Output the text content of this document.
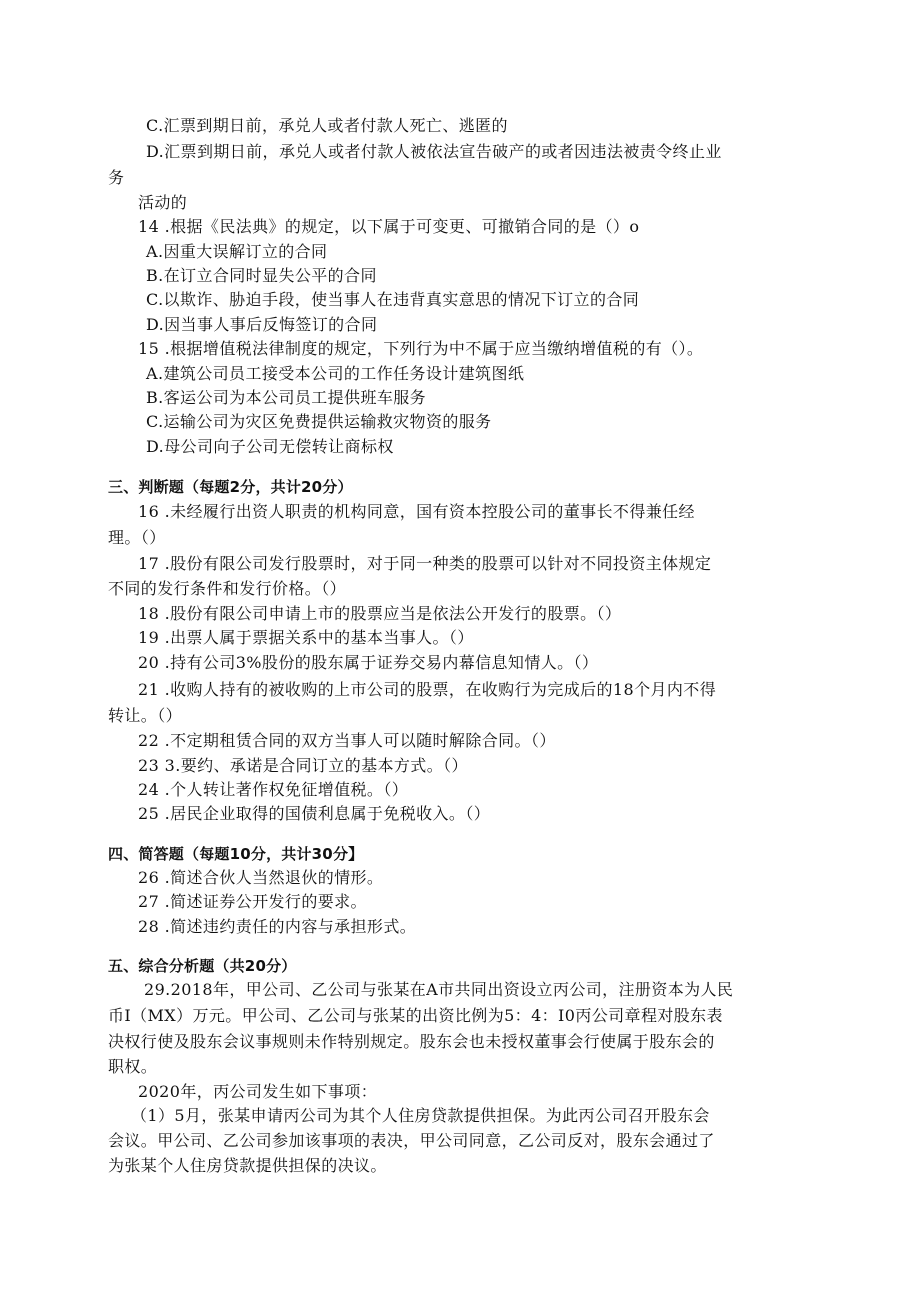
C.汇票到期日前，承兑人或者付款人死亡、逃匿的
D.汇票到期日前，承兑人或者付款人被依法宣告破产的或者因违法被责令终止业
务
活动的
14 .根据《民法典》的规定，以下属于可变更、可撤销合同的是（）o
A.因重大误解订立的合同
B.在订立合同时显失公平的合同
C.以欺诈、胁迫手段，使当事人在违背真实意思的情况下订立的合同
D.因当事人事后反悔签订的合同
15 .根据增值税法律制度的规定，下列行为中不属于应当缴纳增值税的有（）。
A.建筑公司员工接受本公司的工作任务设计建筑图纸
B.客运公司为本公司员工提供班车服务
C.运输公司为灾区免费提供运输救灾物资的服务
D.母公司向子公司无偿转让商标权
三、判断题（每题2分，共计20分）
16 .未经履行出资人职责的机构同意，国有资本控股公司的董事长不得兼任经
理。（）
17 .股份有限公司发行股票时，对于同一种类的股票可以针对不同投资主体规定
不同的发行条件和发行价格。（）
18 .股份有限公司申请上市的股票应当是依法公开发行的股票。（）
19 .出票人属于票据关系中的基本当事人。（）
20 .持有公司3%股份的股东属于证券交易内幕信息知情人。（）
21 .收购人持有的被收购的上市公司的股票，在收购行为完成后的18个月内不得
转让。（）
22 .不定期租赁合同的双方当事人可以随时解除合同。（）
23 3.要约、承诺是合同订立的基本方式。（）
24 .个人转让著作权免征增值税。（）
25 .居民企业取得的国债利息属于免税收入。（）
四、简答题（每题10分，共计30分】
26 .简述合伙人当然退伙的情形。
27 .简述证券公开发行的要求。
28 .简述违约责任的内容与承担形式。
五、综合分析题（共20分）
29.2018年，甲公司、乙公司与张某在A市共同出资设立丙公司，注册资本为人民
币I（MX）万元。甲公司、乙公司与张某的出资比例为5：4：I0丙公司章程对股东表
决权行使及股东会议事规则未作特别规定。股东会也未授权董事会行使属于股东会的
职权。
2020年，丙公司发生如下事项：
（1）5月，张某申请丙公司为其个人住房贷款提供担保。为此丙公司召开股东会
会议。甲公司、乙公司参加该事项的表决，甲公司同意，乙公司反对，股东会通过了
为张某个人住房贷款提供担保的决议。
